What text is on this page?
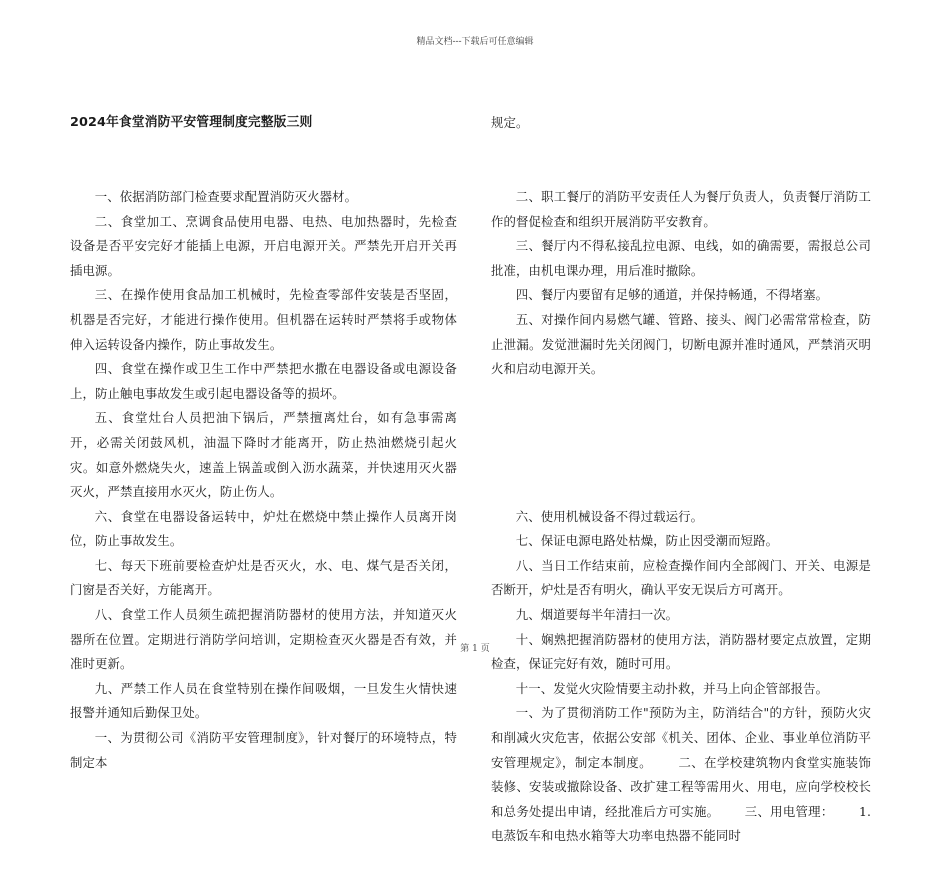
精品文档---下载后可任意编辑

2024年食堂消防平安管理制度完整版三则

一、依据消防部门检查要求配置消防灭火器材。

二、食堂加工、烹调食品使用电器、电热、电加热器时，先检查设备是否平安完好才能插上电源，开启电源开关。严禁先开启开关再插电源。

三、在操作使用食品加工机械时，先检查零部件安装是否坚固，机器是否完好，才能进行操作使用。但机器在运转时严禁将手或物体伸入运转设备内操作，防止事故发生。

四、食堂在操作或卫生工作中严禁把水撒在电器设备或电源设备上，防止触电事故发生或引起电器设备等的损坏。

五、食堂灶台人员把油下锅后，严禁擅离灶台，如有急事需离开，必需关闭鼓风机，油温下降时才能离开，防止热油燃烧引起火灾。如意外燃烧失火，速盖上锅盖或倒入沥水蔬菜，并快速用灭火器灭火，严禁直接用水灭火，防止伤人。

六、食堂在电器设备运转中，炉灶在燃烧中禁止操作人员离开岗位，防止事故发生。

七、每天下班前要检查炉灶是否灭火，水、电、煤气是否关闭，门窗是否关好，方能离开。

八、食堂工作人员须生疏把握消防器材的使用方法，并知道灭火器所在位置。定期进行消防学问培训，定期检查灭火器是否有效，并准时更新。

九、严禁工作人员在食堂特别在操作间吸烟，一旦发生火情快速报警并通知后勤保卫处。

一、为贯彻公司《消防平安管理制度》，针对餐厅的环境特点，特制定本

规定。

二、职工餐厅的消防平安责任人为餐厅负责人，负责餐厅消防工作的督促检查和组织开展消防平安教育。

三、餐厅内不得私接乱拉电源、电线，如的确需要，需报总公司批准，由机电课办理，用后准时撤除。

四、餐厅内要留有足够的通道，并保持畅通，不得堵塞。

五、对操作间内易燃气罐、管路、接头、阀门必需常常检查，防止泄漏。发觉泄漏时先关闭阀门，切断电源并准时通风，严禁消灭明火和启动电源开关。

六、使用机械设备不得过载运行。

七、保证电源电路处枯燥，防止因受潮而短路。

八、当日工作结束前，应检查操作间内全部阀门、开关、电源是否断开，炉灶是否有明火，确认平安无误后方可离开。

九、烟道要每半年清扫一次。

十、娴熟把握消防器材的使用方法，消防器材要定点放置，定期检查，保证完好有效，随时可用。

十一、发觉火灾险情要主动扑救，并马上向企管部报告。

一、为了贯彻消防工作"预防为主，防消结合"的方针，预防火灾和削减火灾危害，依据公安部《机关、团体、企业、事业单位消防平安管理规定》，制定本制度。      二、在学校建筑物内食堂实施装饰装修、安装或撤除设备、改扩建工程等需用火、用电，应向学校校长和总务处提出申请，经批准后方可实施。      三、用电管理：      1.电蒸饭车和电热水箱等大功率电热器不能同时

第 1 页
